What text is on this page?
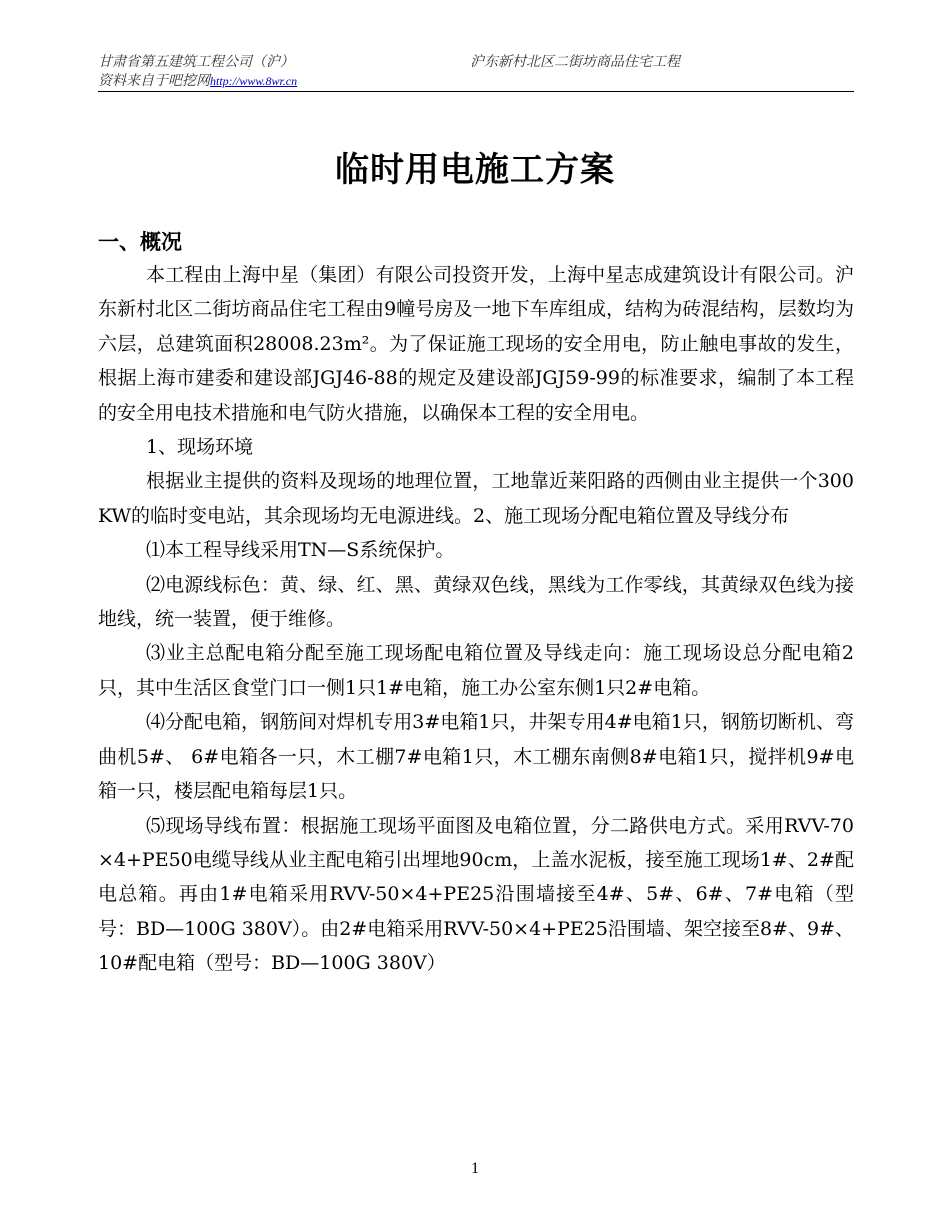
甘肃省第五建筑工程公司（沪）	沪东新村北区二街坊商品住宅工程
资料来自于吧挖网http://www.8wr.cn
临时用电施工方案
一、概况

本工程由上海中星（集团）有限公司投资开发，上海中星志成建筑设计有限公司。沪东新村北区二街坊商品住宅工程由9幢号房及一地下车库组成，结构为砖混结构，层数均为六层，总建筑面积28008.23m²。为了保证施工现场的安全用电，防止触电事故的发生，根据上海市建委和建设部JGJ46-88的规定及建设部JGJ59-99的标准要求，编制了本工程的安全用电技术措施和电气防火措施，以确保本工程的安全用电。

1、现场环境

根据业主提供的资料及现场的地理位置，工地靠近莱阳路的西侧由业主提供一个300KW的临时变电站，其余现场均无电源进线。2、施工现场分配电箱位置及导线分布

⑴本工程导线采用TN—S系统保护。

⑵电源线标色：黄、绿、红、黑、黄绿双色线，黑线为工作零线，其黄绿双色线为接地线，统一装置，便于维修。

⑶业主总配电箱分配至施工现场配电箱位置及导线走向：施工现场设总分配电箱2只，其中生活区食堂门口一侧1只1#电箱，施工办公室东侧1只2#电箱。

⑷分配电箱，钢筋间对焊机专用3#电箱1只，井架专用4#电箱1只，钢筋切断机、弯曲机5#、 6#电箱各一只，木工棚7#电箱1只，木工棚东南侧8#电箱1只，搅拌机9#电箱一只，楼层配电箱每层1只。

⑸现场导线布置：根据施工现场平面图及电箱位置，分二路供电方式。采用RVV-70×4+PE50电缆导线从业主配电箱引出埋地90cm，上盖水泥板，接至施工现场1#、2#配电总箱。再由1#电箱采用RVV-50×4+PE25沿围墙接至4#、5#、6#、7#电箱（型号：BD—100G 380V）。由2#电箱采用RVV-50×4+PE25沿围墙、架空接至8#、9#、10#配电箱（型号：BD—100G 380V）

1
